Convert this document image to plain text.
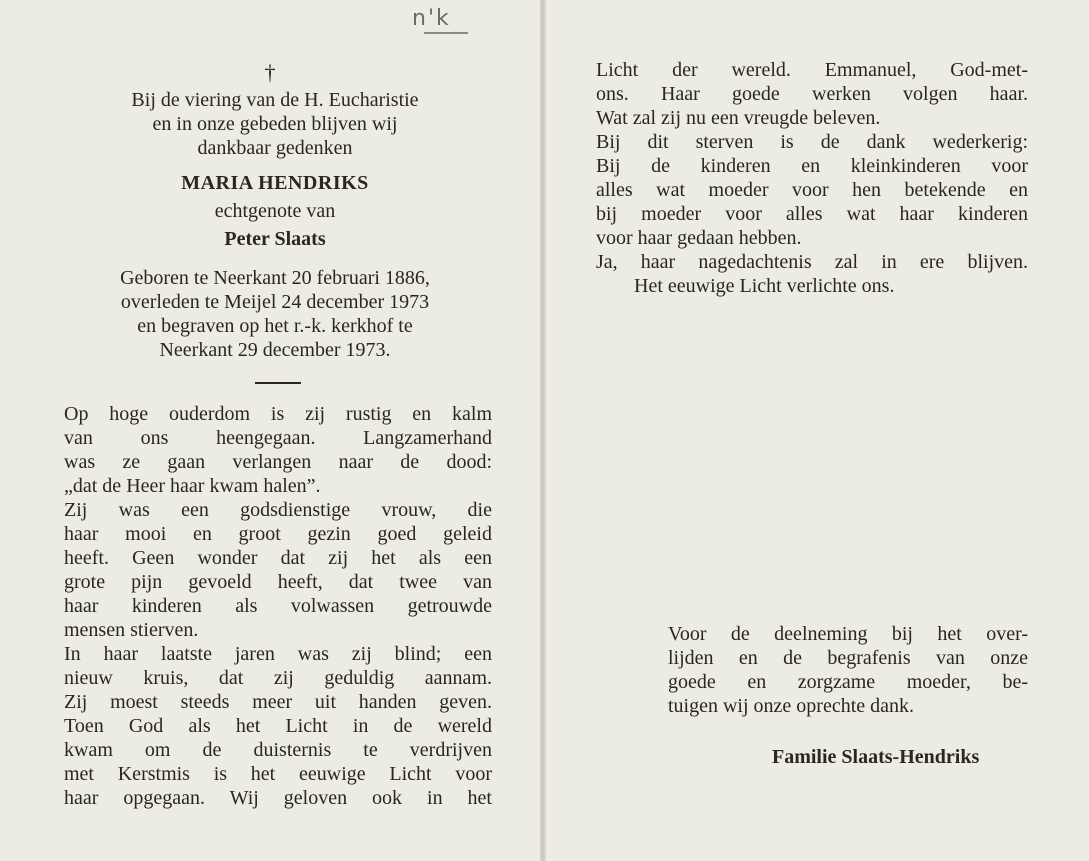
n'k
†
Bij de viering van de H. Eucharistie
en in onze gebeden blijven wij
dankbaar gedenken
MARIA HENDRIKS
echtgenote van
Peter Slaats
Geboren te Neerkant 20 februari 1886,
overleden te Meijel 24 december 1973
en begraven op het r.-k. kerkhof te
Neerkant 29 december 1973.
Op hoge ouderdom is zij rustig en kalm
van ons heengegaan. Langzamerhand
was ze gaan verlangen naar de dood:
„dat de Heer haar kwam halen”.
Zij was een godsdienstige vrouw, die
haar mooi en groot gezin goed geleid
heeft. Geen wonder dat zij het als een
grote pijn gevoeld heeft, dat twee van
haar kinderen als volwassen getrouwde
mensen stierven.
In haar laatste jaren was zij blind; een
nieuw kruis, dat zij geduldig aannam.
Zij moest steeds meer uit handen geven.
Toen God als het Licht in de wereld
kwam om de duisternis te verdrijven
met Kerstmis is het eeuwige Licht voor
haar opgegaan. Wij geloven ook in het
Licht der wereld. Emmanuel, God-met-
ons. Haar goede werken volgen haar.
Wat zal zij nu een vreugde beleven.
Bij dit sterven is de dank wederkerig:
Bij de kinderen en kleinkinderen voor
alles wat moeder voor hen betekende en
bij moeder voor alles wat haar kinderen
voor haar gedaan hebben.
Ja, haar nagedachtenis zal in ere blijven.
Het eeuwige Licht verlichte ons.
Voor de deelneming bij het over-
lijden en de begrafenis van onze
goede en zorgzame moeder, be-
tuigen wij onze oprechte dank.
Familie Slaats-Hendriks
